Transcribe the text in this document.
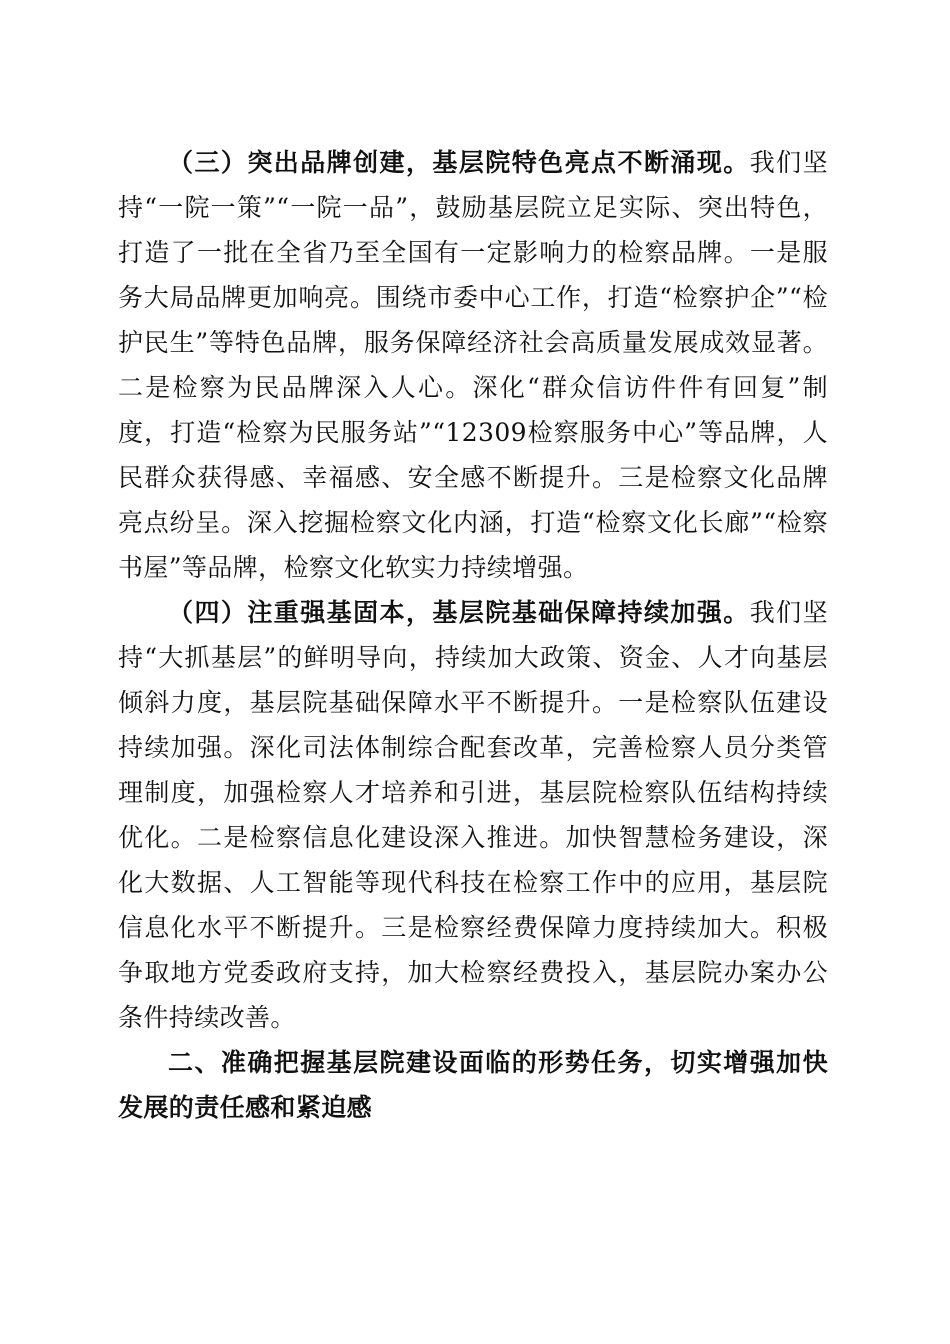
（三）突出品牌创建，基层院特色亮点不断涌现。我们坚持“一院一策”“一院一品”，鼓励基层院立足实际、突出特色，打造了一批在全省乃至全国有一定影响力的检察品牌。一是服务大局品牌更加响亮。围绕市委中心工作，打造“检察护企”“检护民生”等特色品牌，服务保障经济社会高质量发展成效显著。二是检察为民品牌深入人心。深化“群众信访件件有回复”制度，打造“检察为民服务站”“12309检察服务中心”等品牌，人民群众获得感、幸福感、安全感不断提升。三是检察文化品牌亮点纷呈。深入挖掘检察文化内涵，打造“检察文化长廊”“检察书屋”等品牌，检察文化软实力持续增强。

（四）注重强基固本，基层院基础保障持续加强。我们坚持“大抓基层”的鲜明导向，持续加大政策、资金、人才向基层倾斜力度，基层院基础保障水平不断提升。一是检察队伍建设持续加强。深化司法体制综合配套改革，完善检察人员分类管理制度，加强检察人才培养和引进，基层院检察队伍结构持续优化。二是检察信息化建设深入推进。加快智慧检务建设，深化大数据、人工智能等现代科技在检察工作中的应用，基层院信息化水平不断提升。三是检察经费保障力度持续加大。积极争取地方党委政府支持，加大检察经费投入，基层院办案办公条件持续改善。

二、准确把握基层院建设面临的形势任务，切实增强加快发展的责任感和紧迫感
